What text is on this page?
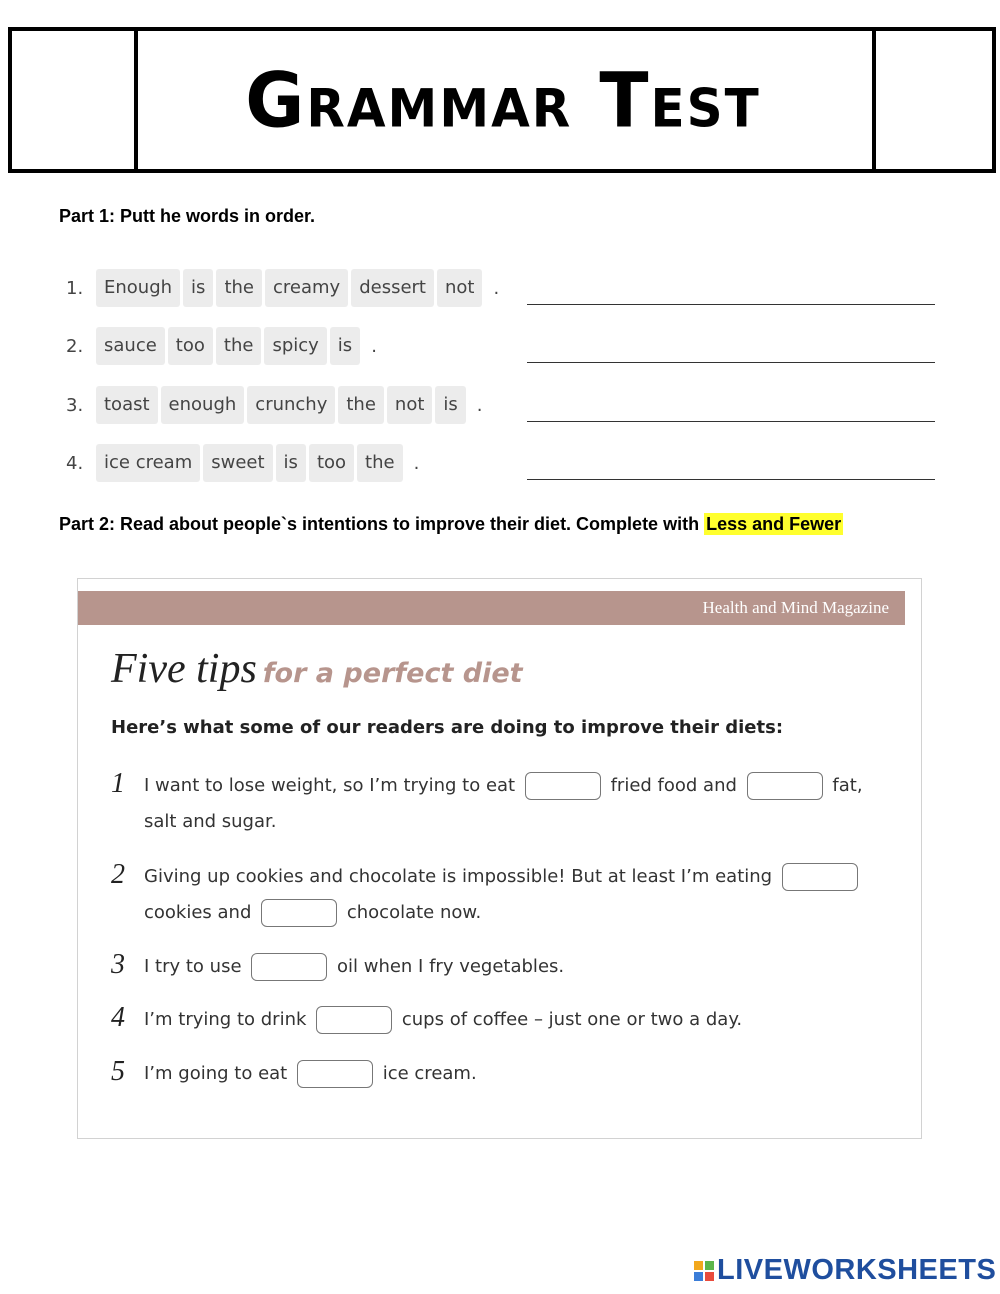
Grammar Test
Part 1: Putt he words in order.
1.	Enough	is	the	creamy	dessert	not	.
2.	sauce	too	the	spicy	is	.
3.	toast	enough	crunchy	the	not	is	.
4.	ice cream	sweet	is	too	the	.
Part 2: Read about people`s intentions to improve their diet. Complete with Less and Fewer
Health and Mind Magazine
Five tips for a perfect diet
Here’s what some of our readers are doing to improve their diets:
1 I want to lose weight, so I’m trying to eat	fried food and	fat, salt and sugar.
2 Giving up cookies and chocolate is impossible! But at least I’m eating  cookies and	chocolate now.
3 I try to use	oil when I fry vegetables.
4 I’m trying to drink	cups of coffee – just one or two a day.
5 I’m going to eat	ice cream.
LIVEWORKSHEETS
